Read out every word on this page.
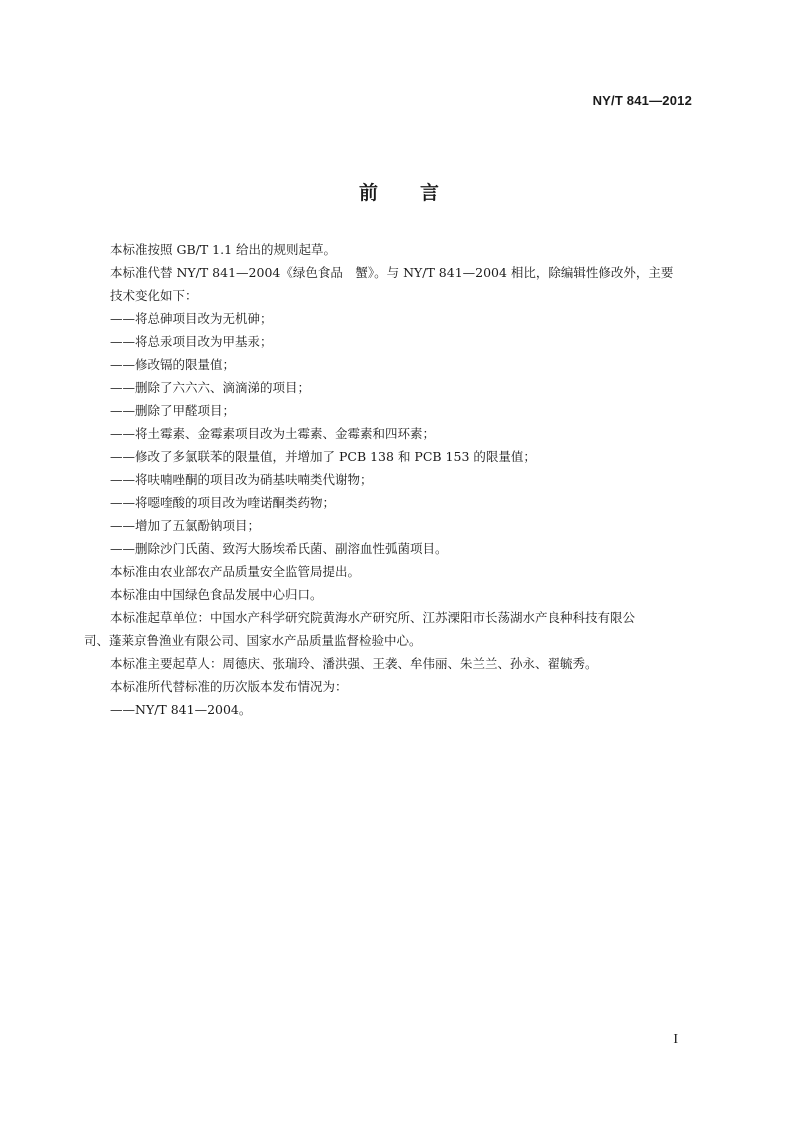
NY/T 841—2012
前 言

本标准按照 GB/T 1.1 给出的规则起草。

本标准代替 NY/T 841—2004《绿色食品　蟹》。与 NY/T 841—2004 相比，除编辑性修改外，主要

技术变化如下：

——将总砷项目改为无机砷；

——将总汞项目改为甲基汞；

——修改镉的限量值；

——删除了六六六、滴滴涕的项目；

——删除了甲醛项目；

——将土霉素、金霉素项目改为土霉素、金霉素和四环素；

——修改了多氯联苯的限量值，并增加了 PCB 138 和 PCB 153 的限量值；

——将呋喃唑酮的项目改为硝基呋喃类代谢物；

——将噁喹酸的项目改为喹诺酮类药物；

——增加了五氯酚钠项目；

——删除沙门氏菌、致泻大肠埃希氏菌、副溶血性弧菌项目。

本标准由农业部农产品质量安全监管局提出。

本标准由中国绿色食品发展中心归口。

本标准起草单位：中国水产科学研究院黄海水产研究所、江苏溧阳市长荡湖水产良种科技有限公

司、蓬莱京鲁渔业有限公司、国家水产品质量监督检验中心。

本标准主要起草人：周德庆、张瑞玲、潘洪强、王袭、牟伟丽、朱兰兰、孙永、翟毓秀。

本标准所代替标准的历次版本发布情况为：

——NY/T 841—2004。

I
